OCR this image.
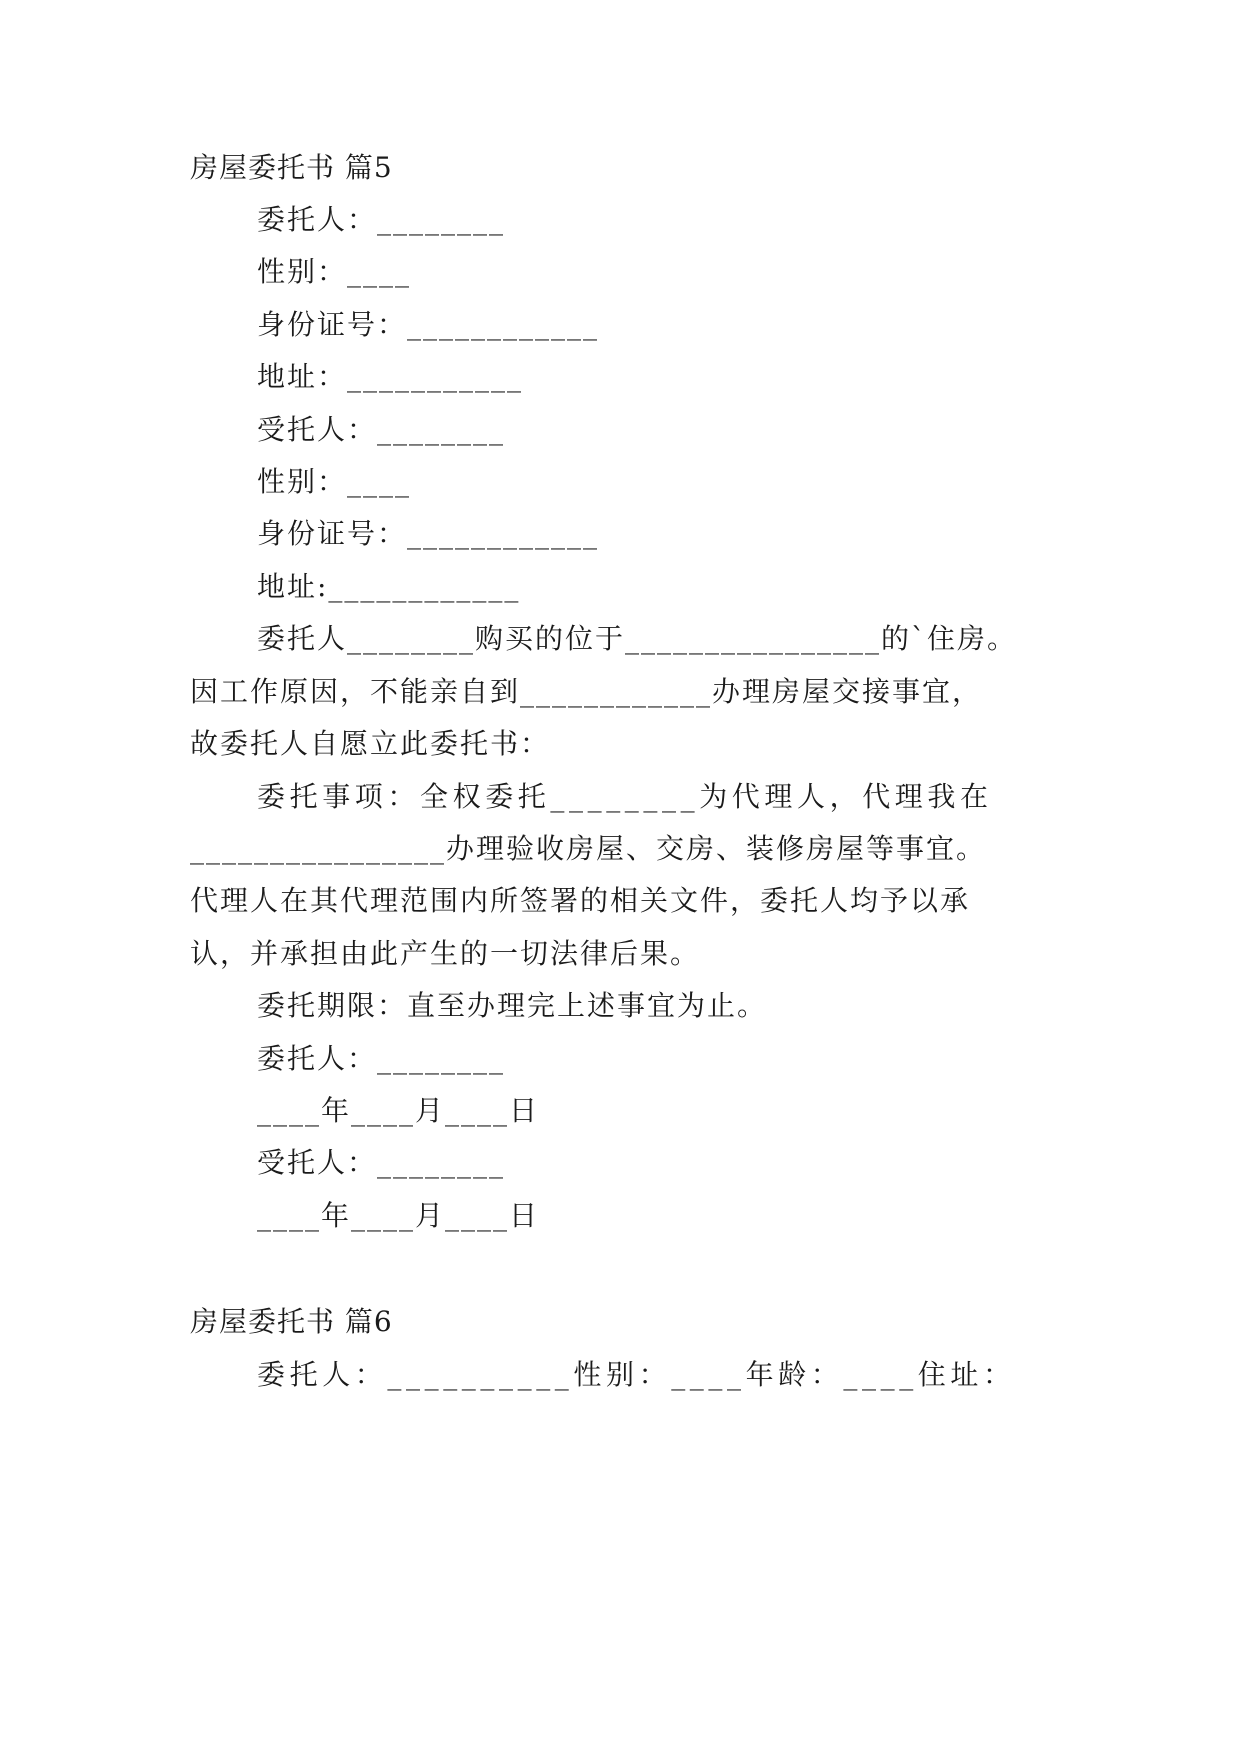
房屋委托书 篇5
委托人：________
性别：____
身份证号：____________
地址：___________
受托人：________
性别：____
身份证号：____________
地址:____________
委托人________购买的位于________________的`住房。
因工作原因，不能亲自到____________办理房屋交接事宜，
故委托人自愿立此委托书：
委托事项：全权委托________为代理人，代理我在
________________办理验收房屋、交房、装修房屋等事宜。
代理人在其代理范围内所签署的相关文件，委托人均予以承
认，并承担由此产生的一切法律后果。
委托期限：直至办理完上述事宜为止。
委托人：________
____年____月____日
受托人：________
____年____月____日
房屋委托书 篇6
委托人：__________性别：____年龄：____住址：
